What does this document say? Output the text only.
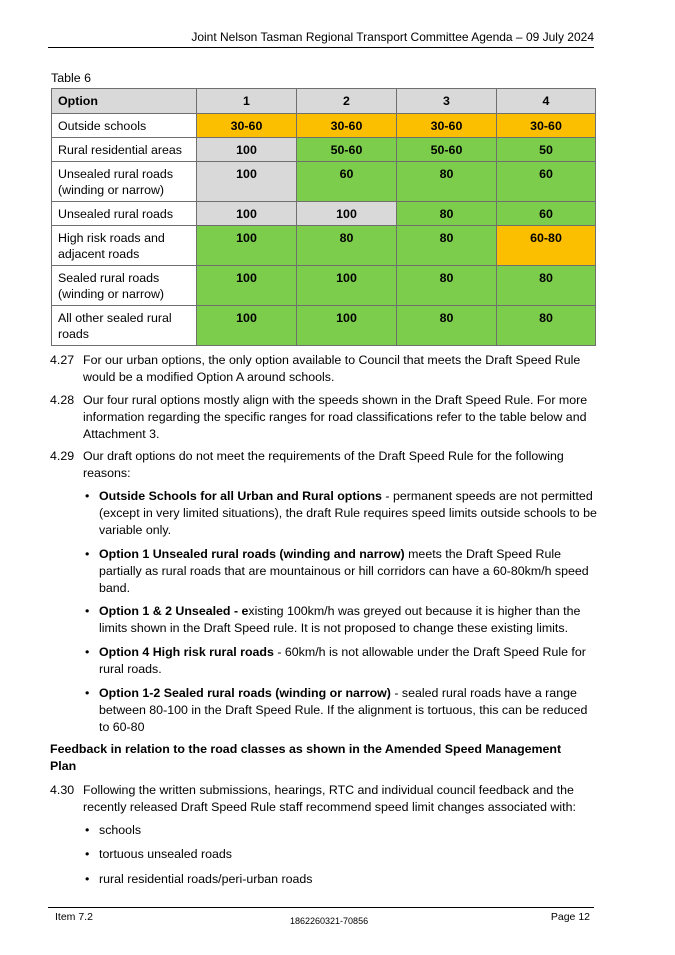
Joint Nelson Tasman Regional Transport Committee Agenda – 09 July 2024
Table 6
Option	1	2	3	4
Outside schools	30-60	30-60	30-60	30-60
Rural residential areas	100	50-60	50-60	50
Unsealed rural roads (winding or narrow)	100	60	80	60
Unsealed rural roads	100	100	80	60
High risk roads and adjacent roads	100	80	80	60-80
Sealed rural roads (winding or narrow)	100	100	80	80
All other sealed rural roads	100	100	80	80
4.27 For our urban options, the only option available to Council that meets the Draft Speed Rule would be a modified Option A around schools.
4.28 Our four rural options mostly align with the speeds shown in the Draft Speed Rule. For more information regarding the specific ranges for road classifications refer to the table below and Attachment 3.
4.29 Our draft options do not meet the requirements of the Draft Speed Rule for the following reasons:
• Outside Schools for all Urban and Rural options - permanent speeds are not permitted (except in very limited situations), the draft Rule requires speed limits outside schools to be variable only.
• Option 1 Unsealed rural roads (winding and narrow) meets the Draft Speed Rule partially as rural roads that are mountainous or hill corridors can have a 60-80km/h speed band.
• Option 1 & 2 Unsealed - existing 100km/h was greyed out because it is higher than the limits shown in the Draft Speed rule. It is not proposed to change these existing limits.
• Option 4 High risk rural roads - 60km/h is not allowable under the Draft Speed Rule for rural roads.
• Option 1-2 Sealed rural roads (winding or narrow) - sealed rural roads have a range between 80-100 in the Draft Speed Rule. If the alignment is tortuous, this can be reduced to 60-80
Feedback in relation to the road classes as shown in the Amended Speed Management Plan
4.30 Following the written submissions, hearings, RTC and individual council feedback and the recently released Draft Speed Rule staff recommend speed limit changes associated with:
• schools
• tortuous unsealed roads
• rural residential roads/peri-urban roads
Item 7.2	1862260321-70856	Page 12
